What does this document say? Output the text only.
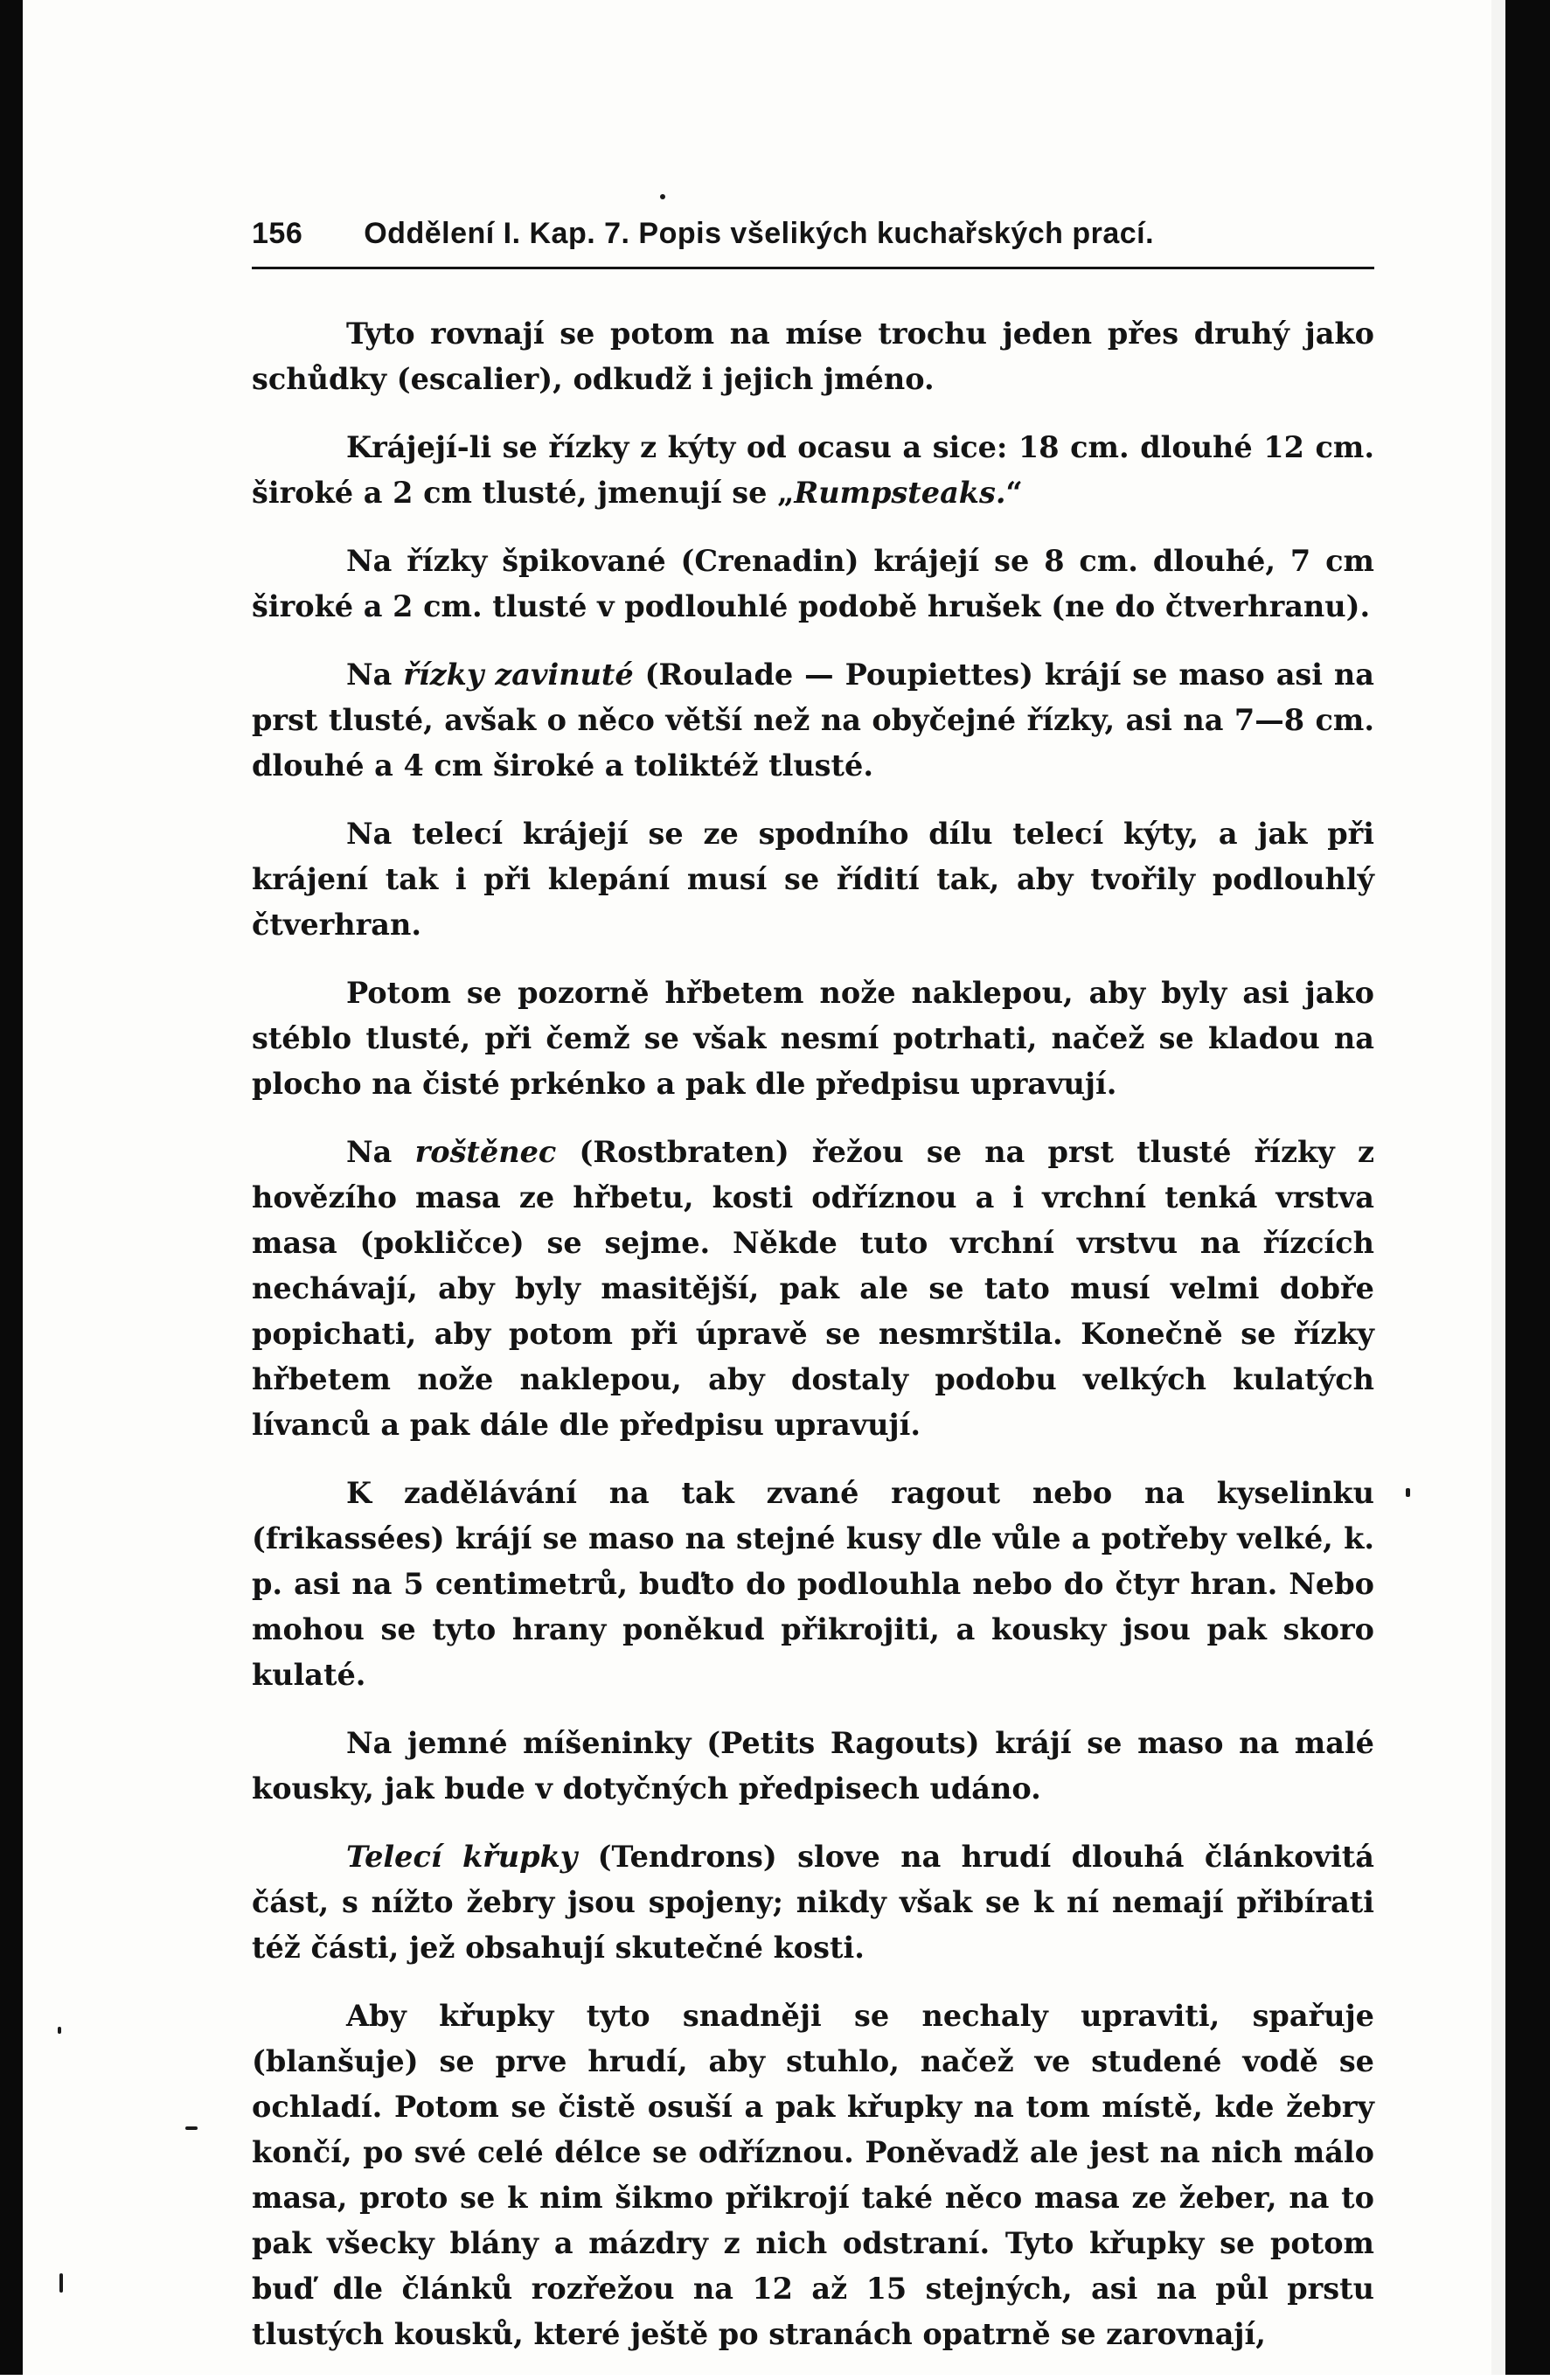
156 Oddělení I. Kap. 7. Popis všelikých kuchařských prací.

Tyto rovnají se potom na míse trochu jeden přes druhý jako schůdky (escalier), odkudž i jejich jméno.

Krájejí-li se řízky z kýty od ocasu a sice: 18 cm. dlouhé 12 cm. široké a 2 cm tlusté, jmenují se „Rumpsteaks.“

Na řízky špikované (Crenadin) krájejí se 8 cm. dlouhé, 7 cm široké a 2 cm. tlusté v podlouhlé podobě hrušek (ne do čtverhranu).

Na řízky zavinuté (Roulade — Poupiettes) krájí se maso asi na prst tlusté, avšak o něco větší než na obyčejné řízky, asi na 7—8 cm. dlouhé a 4 cm široké a toliktéž tlusté.

Na telecí krájejí se ze spodního dílu telecí kýty, a jak při krájení tak i při klepání musí se řídití tak, aby tvořily podlouhlý čtverhran.

Potom se pozorně hřbetem nože naklepou, aby byly asi jako stéblo tlusté, při čemž se však nesmí potrhati, načež se kladou na plocho na čisté prkénko a pak dle předpisu upravují.

Na roštěnec (Rostbraten) řežou se na prst tlusté řízky z hovězího masa ze hřbetu, kosti odříznou a i vrchní tenká vrstva masa (pokličce) se sejme. Někde tuto vrchní vrstvu na řízcích nechávají, aby byly masitější, pak ale se tato musí velmi dobře popichati, aby potom při úpravě se nesmrštila. Konečně se řízky hřbetem nože naklepou, aby dostaly podobu velkých kulatých lívanců a pak dále dle předpisu upravují.

K zadělávání na tak zvané ragout nebo na kyselinku (frikassées) krájí se maso na stejné kusy dle vůle a potřeby velké, k. p. asi na 5 centimetrů, buďto do podlouhla nebo do čtyr hran. Nebo mohou se tyto hrany poněkud přikrojiti, a kousky jsou pak skoro kulaté.

Na jemné míšeninky (Petits Ragouts) krájí se maso na malé kousky, jak bude v dotyčných předpisech udáno.

Telecí křupky (Tendrons) slove na hrudí dlouhá článkovitá část, s nížto žebry jsou spojeny; nikdy však se k ní nemají přibírati též části, jež obsahují skutečné kosti.

Aby křupky tyto snadněji se nechaly upraviti, spařuje (blanšuje) se prve hrudí, aby stuhlo, načež ve studené vodě se ochladí. Potom se čistě osuší a pak křupky na tom místě, kde žebry končí, po své celé délce se odříznou. Poněvadž ale jest na nich málo masa, proto se k nim šikmo přikrojí také něco masa ze žeber, na to pak všecky blány a mázdry z nich odstraní. Tyto křupky se potom buď dle článků rozřežou na 12 až 15 stejných, asi na půl prstu tlustých kousků, které ještě po stranách opatrně se zarovnají,
